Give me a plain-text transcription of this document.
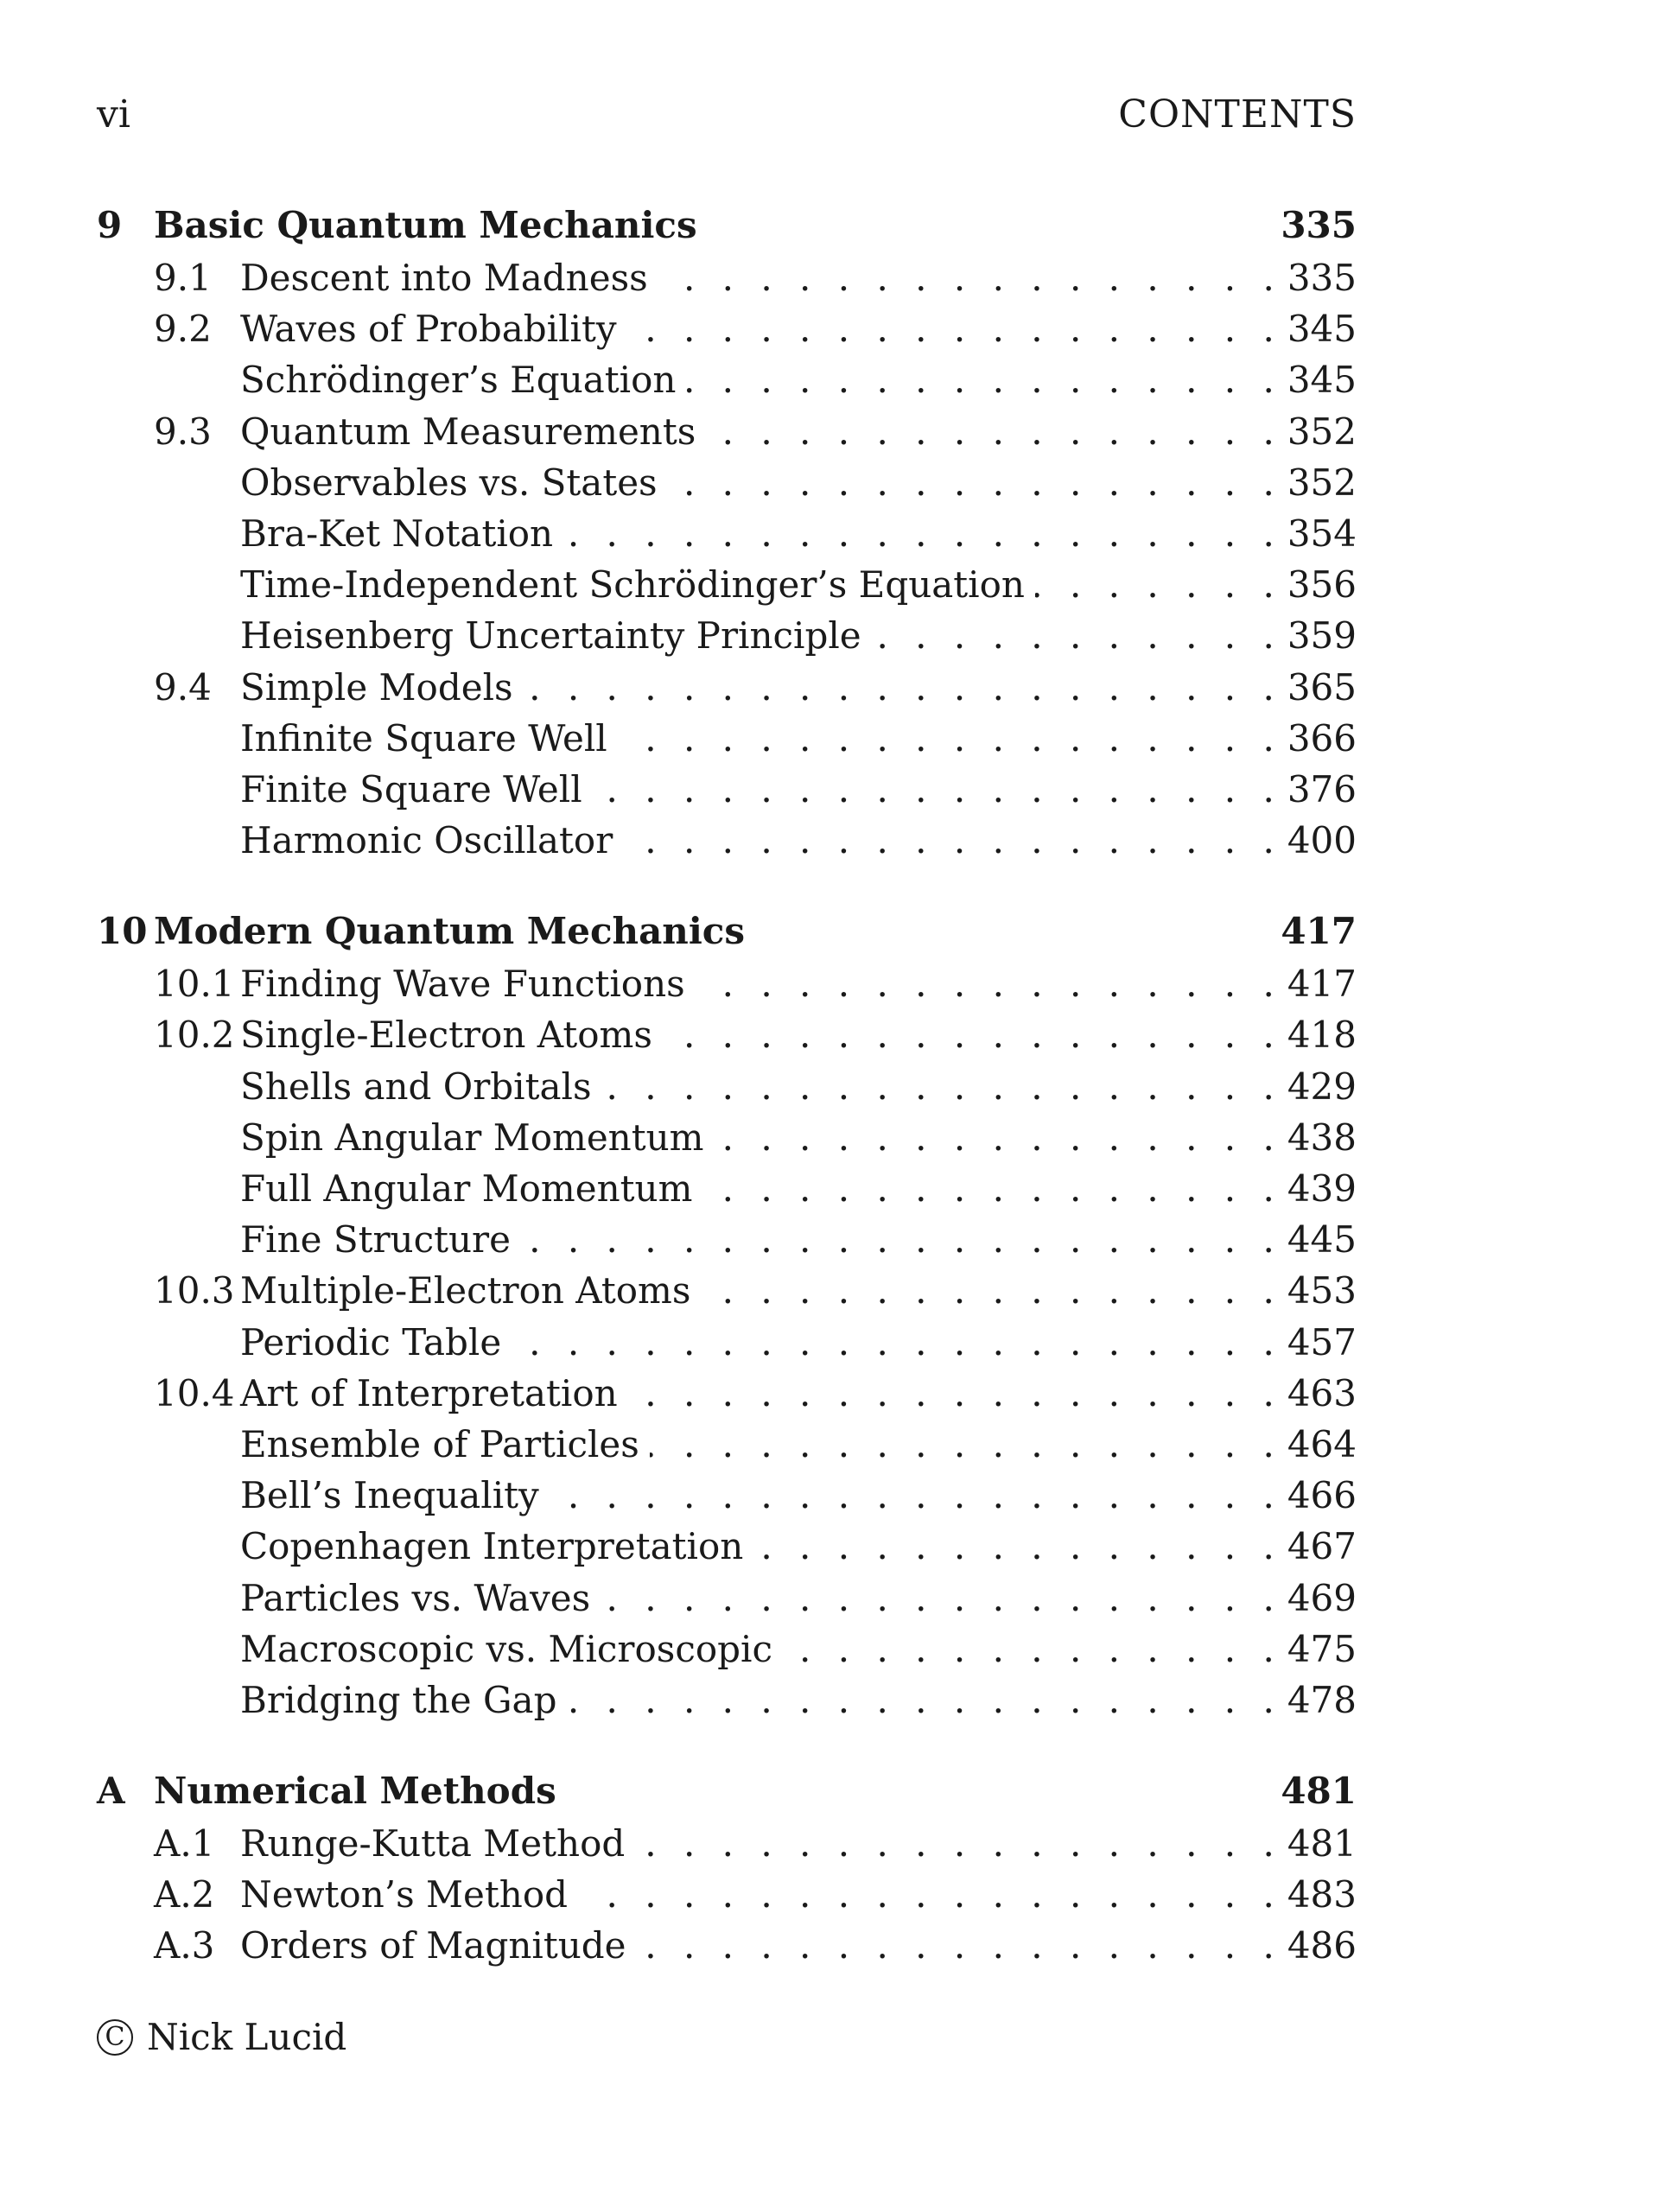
vi	CONTENTS
9 Basic Quantum Mechanics	335
9.1 Descent into Madness . . .	335
9.2 Waves of Probability . . .	345
Schrödinger’s Equation . . .	345
9.3 Quantum Measurements . . .	352
Observables vs. States . . .	352
Bra-Ket Notation . . .	354
Time-Independent Schrödinger’s Equation . . .	356
Heisenberg Uncertainty Principle . . .	359
9.4 Simple Models . . .	365
Infinite Square Well . . .	366
Finite Square Well . . .	376
Harmonic Oscillator . . .	400
10 Modern Quantum Mechanics	417
10.1 Finding Wave Functions . . .	417
10.2 Single-Electron Atoms . . .	418
Shells and Orbitals . . .	429
Spin Angular Momentum . . .	438
Full Angular Momentum . . .	439
Fine Structure . . .	445
10.3 Multiple-Electron Atoms . . .	453
Periodic Table . . .	457
10.4 Art of Interpretation . . .	463
Ensemble of Particles . . .	464
Bell’s Inequality . . .	466
Copenhagen Interpretation . . .	467
Particles vs. Waves . . .	469
Macroscopic vs. Microscopic . . .	475
Bridging the Gap . . .	478
A Numerical Methods	481
A.1 Runge-Kutta Method . . .	481
A.2 Newton’s Method . . .	483
A.3 Orders of Magnitude . . .	486
C Nick Lucid
